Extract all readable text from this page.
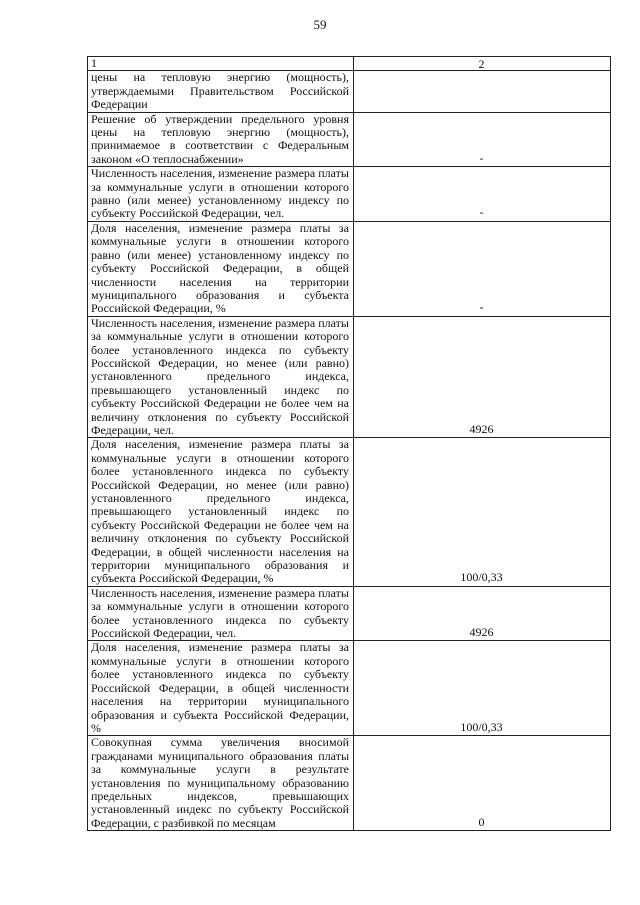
59
1	2
цены на тепловую энергию (мощность), утверждаемыми Правительством Российской Федерации	
Решение об утверждении предельного уровня цены на тепловую энергию (мощность), принимаемое в соответствии с Федеральным законом «О теплоснабжении»	-
Численность населения, изменение размера платы за коммунальные услуги в отношении которого равно (или менее) установленному индексу по субъекту Российской Федерации, чел.	-
Доля населения, изменение размера платы за коммунальные услуги в отношении которого равно (или менее) установленному индексу по субъекту Российской Федерации, в общей численности населения на территории муниципального образования и субъекта Российской Федерации, %	-
Численность населения, изменение размера платы за коммунальные услуги в отношении которого более установленного индекса по субъекту Российской Федерации, но менее (или равно) установленного предельного индекса, превышающего установленный индекс по субъекту Российской Федерации не более чем на величину отклонения по субъекту Российской Федерации, чел.	4926
Доля населения, изменение размера платы за коммунальные услуги в отношении которого более установленного индекса по субъекту Российской Федерации, но менее (или равно) установленного предельного индекса, превышающего установленный индекс по субъекту Российской Федерации не более чем на величину отклонения по субъекту Российской Федерации, в общей численности населения на территории муниципального образования и субъекта Российской Федерации, %	100/0,33
Численность населения, изменение размера платы за коммунальные услуги в отношении которого более установленного индекса по субъекту Российской Федерации, чел.	4926
Доля населения, изменение размера платы за коммунальные услуги в отношении которого более установленного индекса по субъекту Российской Федерации, в общей численности населения на территории муниципального образования и субъекта Российской Федерации, %	100/0,33
Совокупная сумма увеличения вносимой гражданами муниципального образования платы за коммунальные услуги в результате установления по муниципальному образованию предельных индексов, превышающих установленный индекс по субъекту Российской Федерации, с разбивкой по месяцам	0
